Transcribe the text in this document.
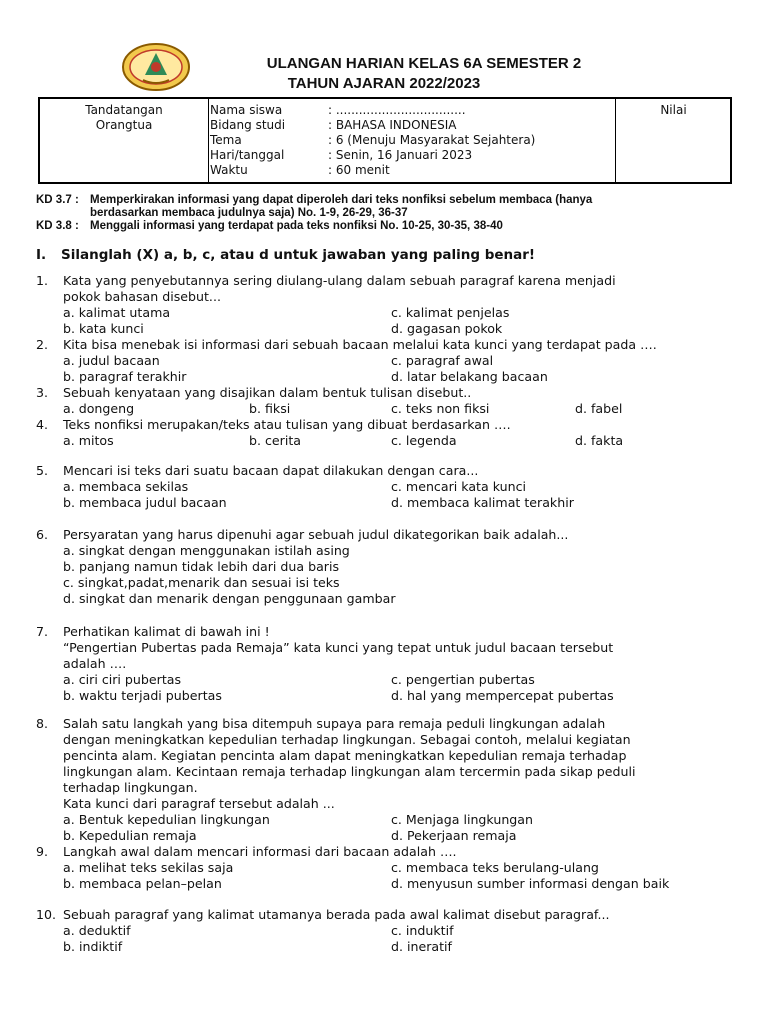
ULANGAN HARIAN KELAS 6A SEMESTER 2
TAHUN AJARAN 2022/2023
Tandatangan
Orangtua
Nilai
Nama siswa	: ..................................
Bidang studi	: BAHASA INDONESIA
Tema	: 6 (Menuju Masyarakat Sejahtera)
Hari/tanggal	: Senin, 16 Januari 2023
Waktu	: 60 menit
KD 3.7 : Memperkirakan informasi yang dapat diperoleh dari teks nonfiksi sebelum membaca (hanya
berdasarkan membaca judulnya saja) No. 1-9, 26-29, 36-37
KD 3.8 : Menggali informasi yang terdapat pada teks nonfiksi No. 10-25, 30-35, 38-40
I. Silanglah (X) a, b, c, atau d untuk jawaban yang paling benar!
1. Kata yang penyebutannya sering diulang-ulang dalam sebuah paragraf karena menjadi
pokok bahasan disebut...
a. kalimat utama	c. kalimat penjelas
b. kata kunci	d. gagasan pokok
2. Kita bisa menebak isi informasi dari sebuah bacaan melalui kata kunci yang terdapat pada ….
a. judul bacaan	c. paragraf awal
b. paragraf terakhir	d. latar belakang bacaan
3. Sebuah kenyataan yang disajikan dalam bentuk tulisan disebut..
a. dongeng	b. fiksi	c. teks non fiksi	d. fabel
4. Teks nonfiksi merupakan/teks atau tulisan yang dibuat berdasarkan ….
a. mitos	b. cerita	c. legenda	d. fakta
5. Mencari isi teks dari suatu bacaan dapat dilakukan dengan cara...
a. membaca sekilas	c. mencari kata kunci
b. membaca judul bacaan	d. membaca kalimat terakhir
6. Persyaratan yang harus dipenuhi agar sebuah judul dikategorikan baik adalah...
a. singkat dengan menggunakan istilah asing
b. panjang namun tidak lebih dari dua baris
c. singkat,padat,menarik dan sesuai isi teks
d. singkat dan menarik dengan penggunaan gambar
7. Perhatikan kalimat di bawah ini !
“Pengertian Pubertas pada Remaja” kata kunci yang tepat untuk judul bacaan tersebut
adalah ….
a. ciri ciri pubertas	c. pengertian pubertas
b. waktu terjadi pubertas	d. hal yang mempercepat pubertas
8. Salah satu langkah yang bisa ditempuh supaya para remaja peduli lingkungan adalah
dengan meningkatkan kepedulian terhadap lingkungan. Sebagai contoh, melalui kegiatan
pencinta alam. Kegiatan pencinta alam dapat meningkatkan kepedulian remaja terhadap
lingkungan alam. Kecintaan remaja terhadap lingkungan alam tercermin pada sikap peduli
terhadap lingkungan.
Kata kunci dari paragraf tersebut adalah ...
a. Bentuk kepedulian lingkungan	c. Menjaga lingkungan
b. Kepedulian remaja	d. Pekerjaan remaja
9. Langkah awal dalam mencari informasi dari bacaan adalah ….
a. melihat teks sekilas saja	c. membaca teks berulang-ulang
b. membaca pelan–pelan	d. menyusun sumber informasi dengan baik
10. Sebuah paragraf yang kalimat utamanya berada pada awal kalimat disebut paragraf...
a. deduktif	c. induktif
b. indiktif	d. ineratif
